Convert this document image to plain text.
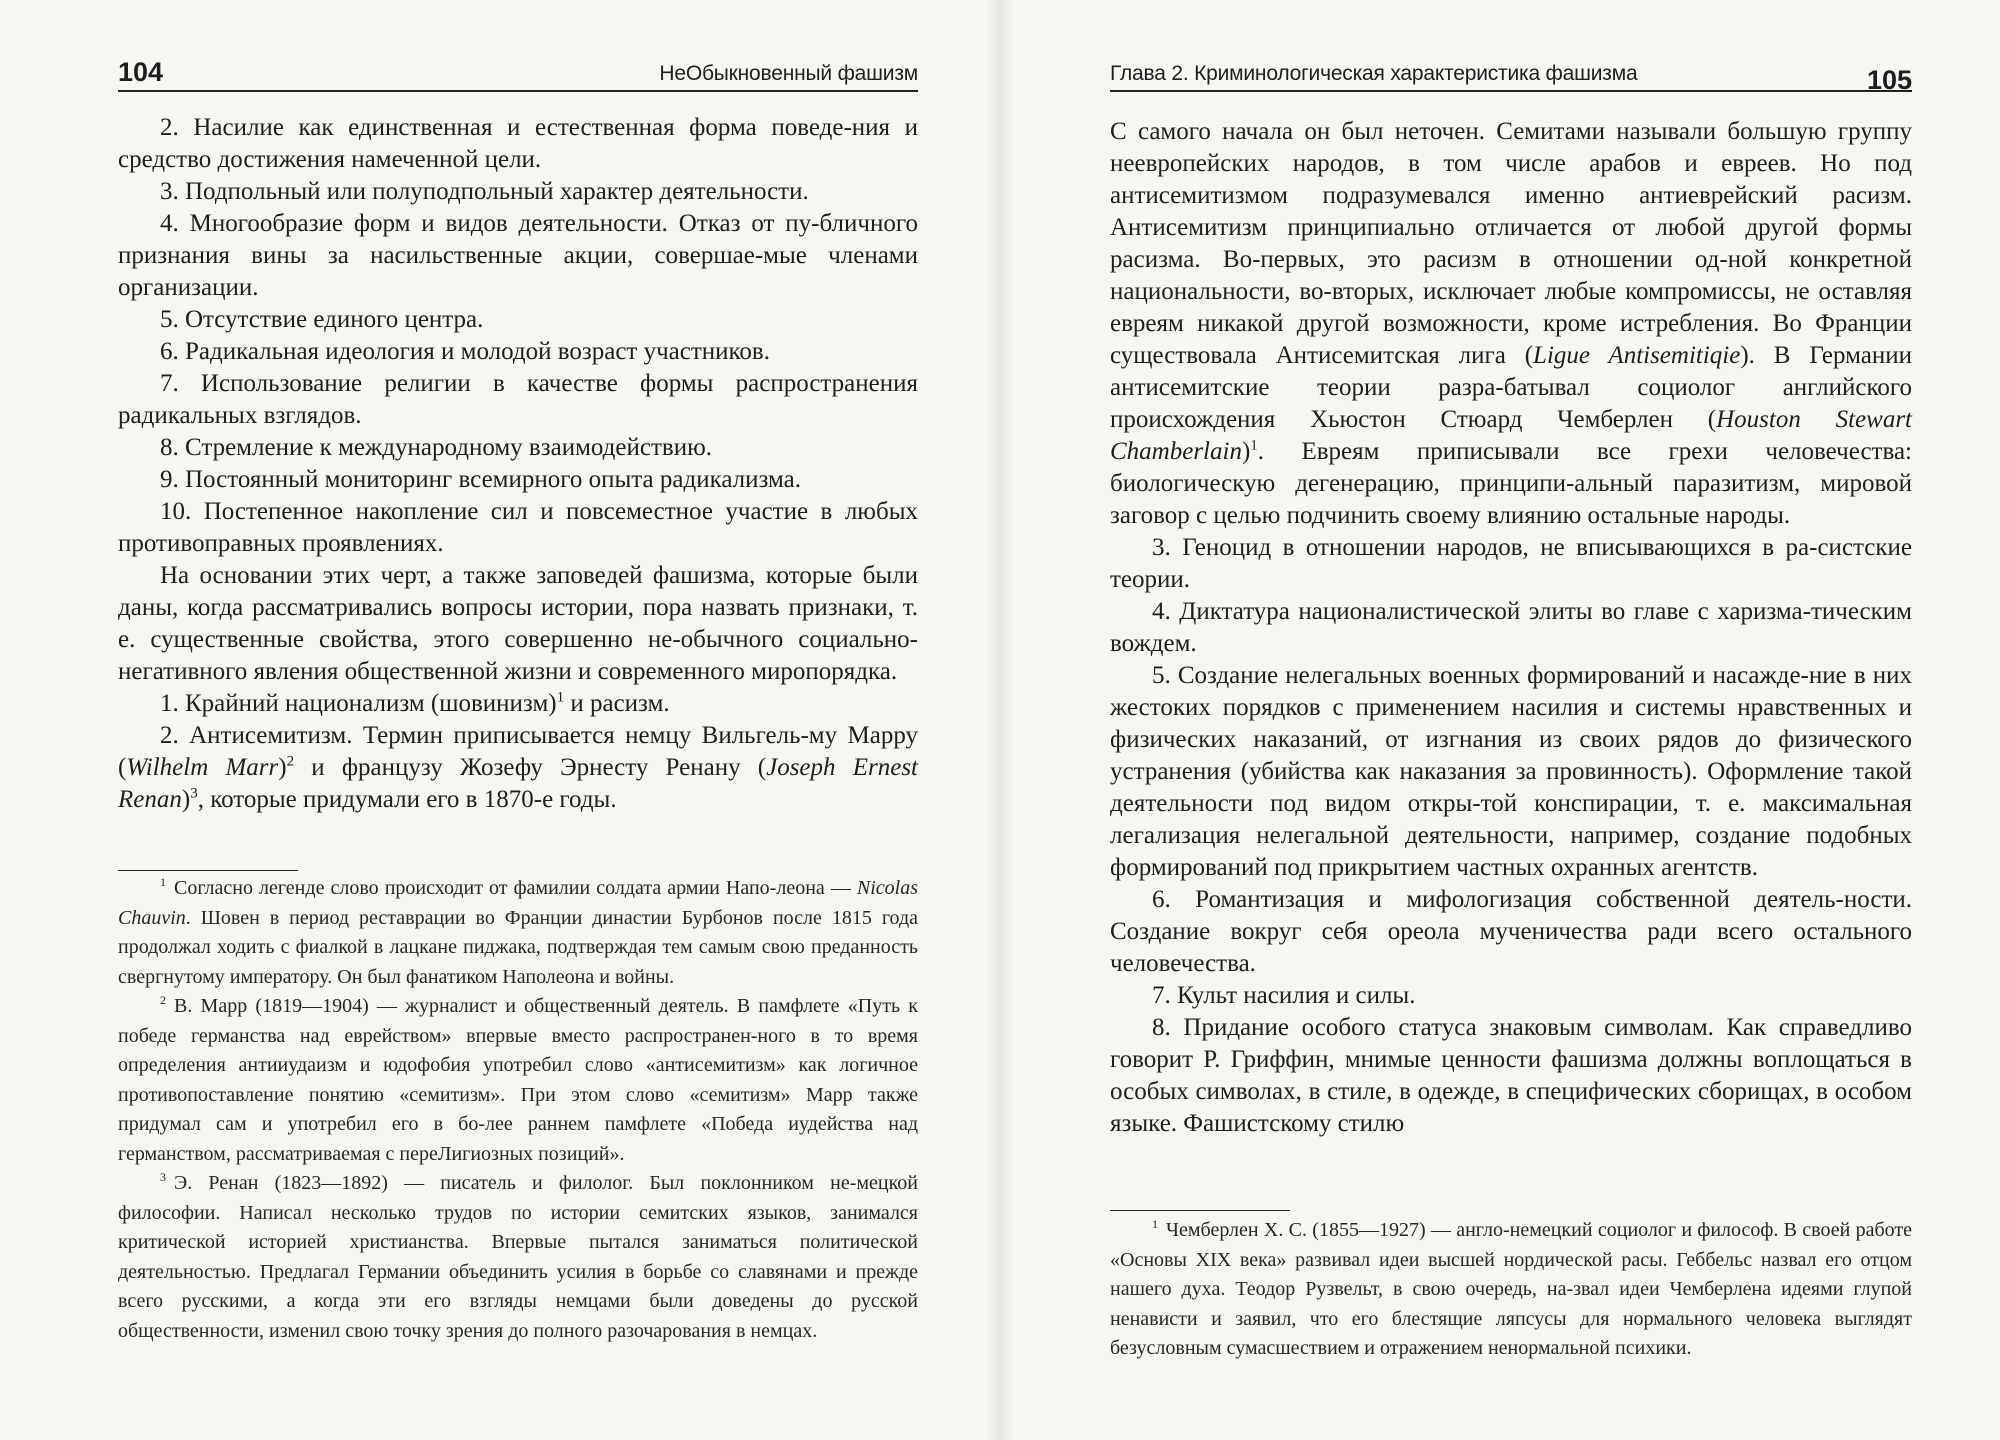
104	НеОбыкновенный фашизм

2. Насилие как единственная и естественная форма поведе-ния и средство достижения намеченной цели.

3. Подпольный или полуподпольный характер деятельности.

4. Многообразие форм и видов деятельности. Отказ от пу-бличного признания вины за насильственные акции, совершае-мые членами организации.

5. Отсутствие единого центра.

6. Радикальная идеология и молодой возраст участников.

7. Использование религии в качестве формы распространения радикальных взглядов.

8. Стремление к международному взаимодействию.

9. Постоянный мониторинг всемирного опыта радикализма.

10. Постепенное накопление сил и повсеместное участие в любых противоправных проявлениях.

На основании этих черт, а также заповедей фашизма, которые были даны, когда рассматривались вопросы истории, пора назвать признаки, т. е. существенные свойства, этого совершенно не-обычного социально-негативного явления общественной жизни и современного миропорядка.

1. Крайний национализм (шовинизм)$^1$ и расизм.

2. Антисемитизм. Термин приписывается немцу Вильгель-му Марру (Wilhelm Marr)$^2$ и французу Жозефу Эрнесту Ренану (Joseph Ernest Renan)$^3$, которые придумали его в 1870-е годы.

$^1$ Согласно легенде слово происходит от фамилии солдата армии Напо-леона — Nicolas Chauvin. Шовен в период реставрации во Франции династии Бурбонов после 1815 года продолжал ходить с фиалкой в лацкане пиджака, подтверждая тем самым свою преданность свергнутому императору. Он был фанатиком Наполеона и войны.

$^2$ В. Марр (1819—1904) — журналист и общественный деятель. В памфлете «Путь к победе германства над еврейством» впервые вместо распространен-ного в то время определения антииудаизм и юдофобия употребил слово «антисемитизм» как логичное противопоставление понятию «семитизм». При этом слово «семитизм» Марр также придумал сам и употребил его в бо-лее раннем памфлете «Победа иудейства над германством, рассматриваемая с переЛигиозных позиций».

$^3$ Э. Ренан (1823—1892) — писатель и филолог. Был поклонником не-мецкой философии. Написал несколько трудов по истории семитских языков, занимался критической историей христианства. Впервые пытался заниматься политической деятельностью. Предлагал Германии объединить усилия в борьбе со славянами и прежде всего русскими, а когда эти его взгляды немцами были доведены до русской общественности, изменил свою точку зрения до полного разочарования в немцах.

Глава 2. Криминологическая характеристика фашизма	105

С самого начала он был неточен. Семитами называли большую группу неевропейских народов, в том числе арабов и евреев. Но под антисемитизмом подразумевался именно антиеврейский расизм. Антисемитизм принципиально отличается от любой другой формы расизма. Во-первых, это расизм в отношении од-ной конкретной национальности, во-вторых, исключает любые компромиссы, не оставляя евреям никакой другой возможности, кроме истребления. Во Франции существовала Антисемитская лига (Ligue Antisemitiqie). В Германии антисемитские теории разра-батывал социолог английского происхождения Хьюстон Стюард Чемберлен (Houston Stewart Chamberlain)$^1$. Евреям приписывали все грехи человечества: биологическую дегенерацию, принципи-альный паразитизм, мировой заговор с целью подчинить своему влиянию остальные народы.

3. Геноцид в отношении народов, не вписывающихся в ра-систские теории.

4. Диктатура националистической элиты во главе с харизма-тическим вождем.

5. Создание нелегальных военных формирований и насажде-ние в них жестоких порядков с применением насилия и системы нравственных и физических наказаний, от изгнания из своих рядов до физического устранения (убийства как наказания за провинность). Оформление такой деятельности под видом откры-той конспирации, т. е. максимальная легализация нелегальной деятельности, например, создание подобных формирований под прикрытием частных охранных агентств.

6. Романтизация и мифологизация собственной деятель-ности. Создание вокруг себя ореола мученичества ради всего остального человечества.

7. Культ насилия и силы.

8. Придание особого статуса знаковым символам. Как справедливо говорит Р. Гриффин, мнимые ценности фашизма должны воплощаться в особых символах, в стиле, в одежде, в специфических сборищах, в особом языке. Фашистскому стилю

$^1$ Чемберлен Х. С. (1855—1927) — англо-немецкий социолог и философ. В своей работе «Основы XIX века» развивал идеи высшей нордической расы. Геббельс назвал его отцом нашего духа. Теодор Рузвельт, в свою очередь, на-звал идеи Чемберлена идеями глупой ненависти и заявил, что его блестящие ляпсусы для нормального человека выглядят безусловным сумасшествием и отражением ненормальной психики.
